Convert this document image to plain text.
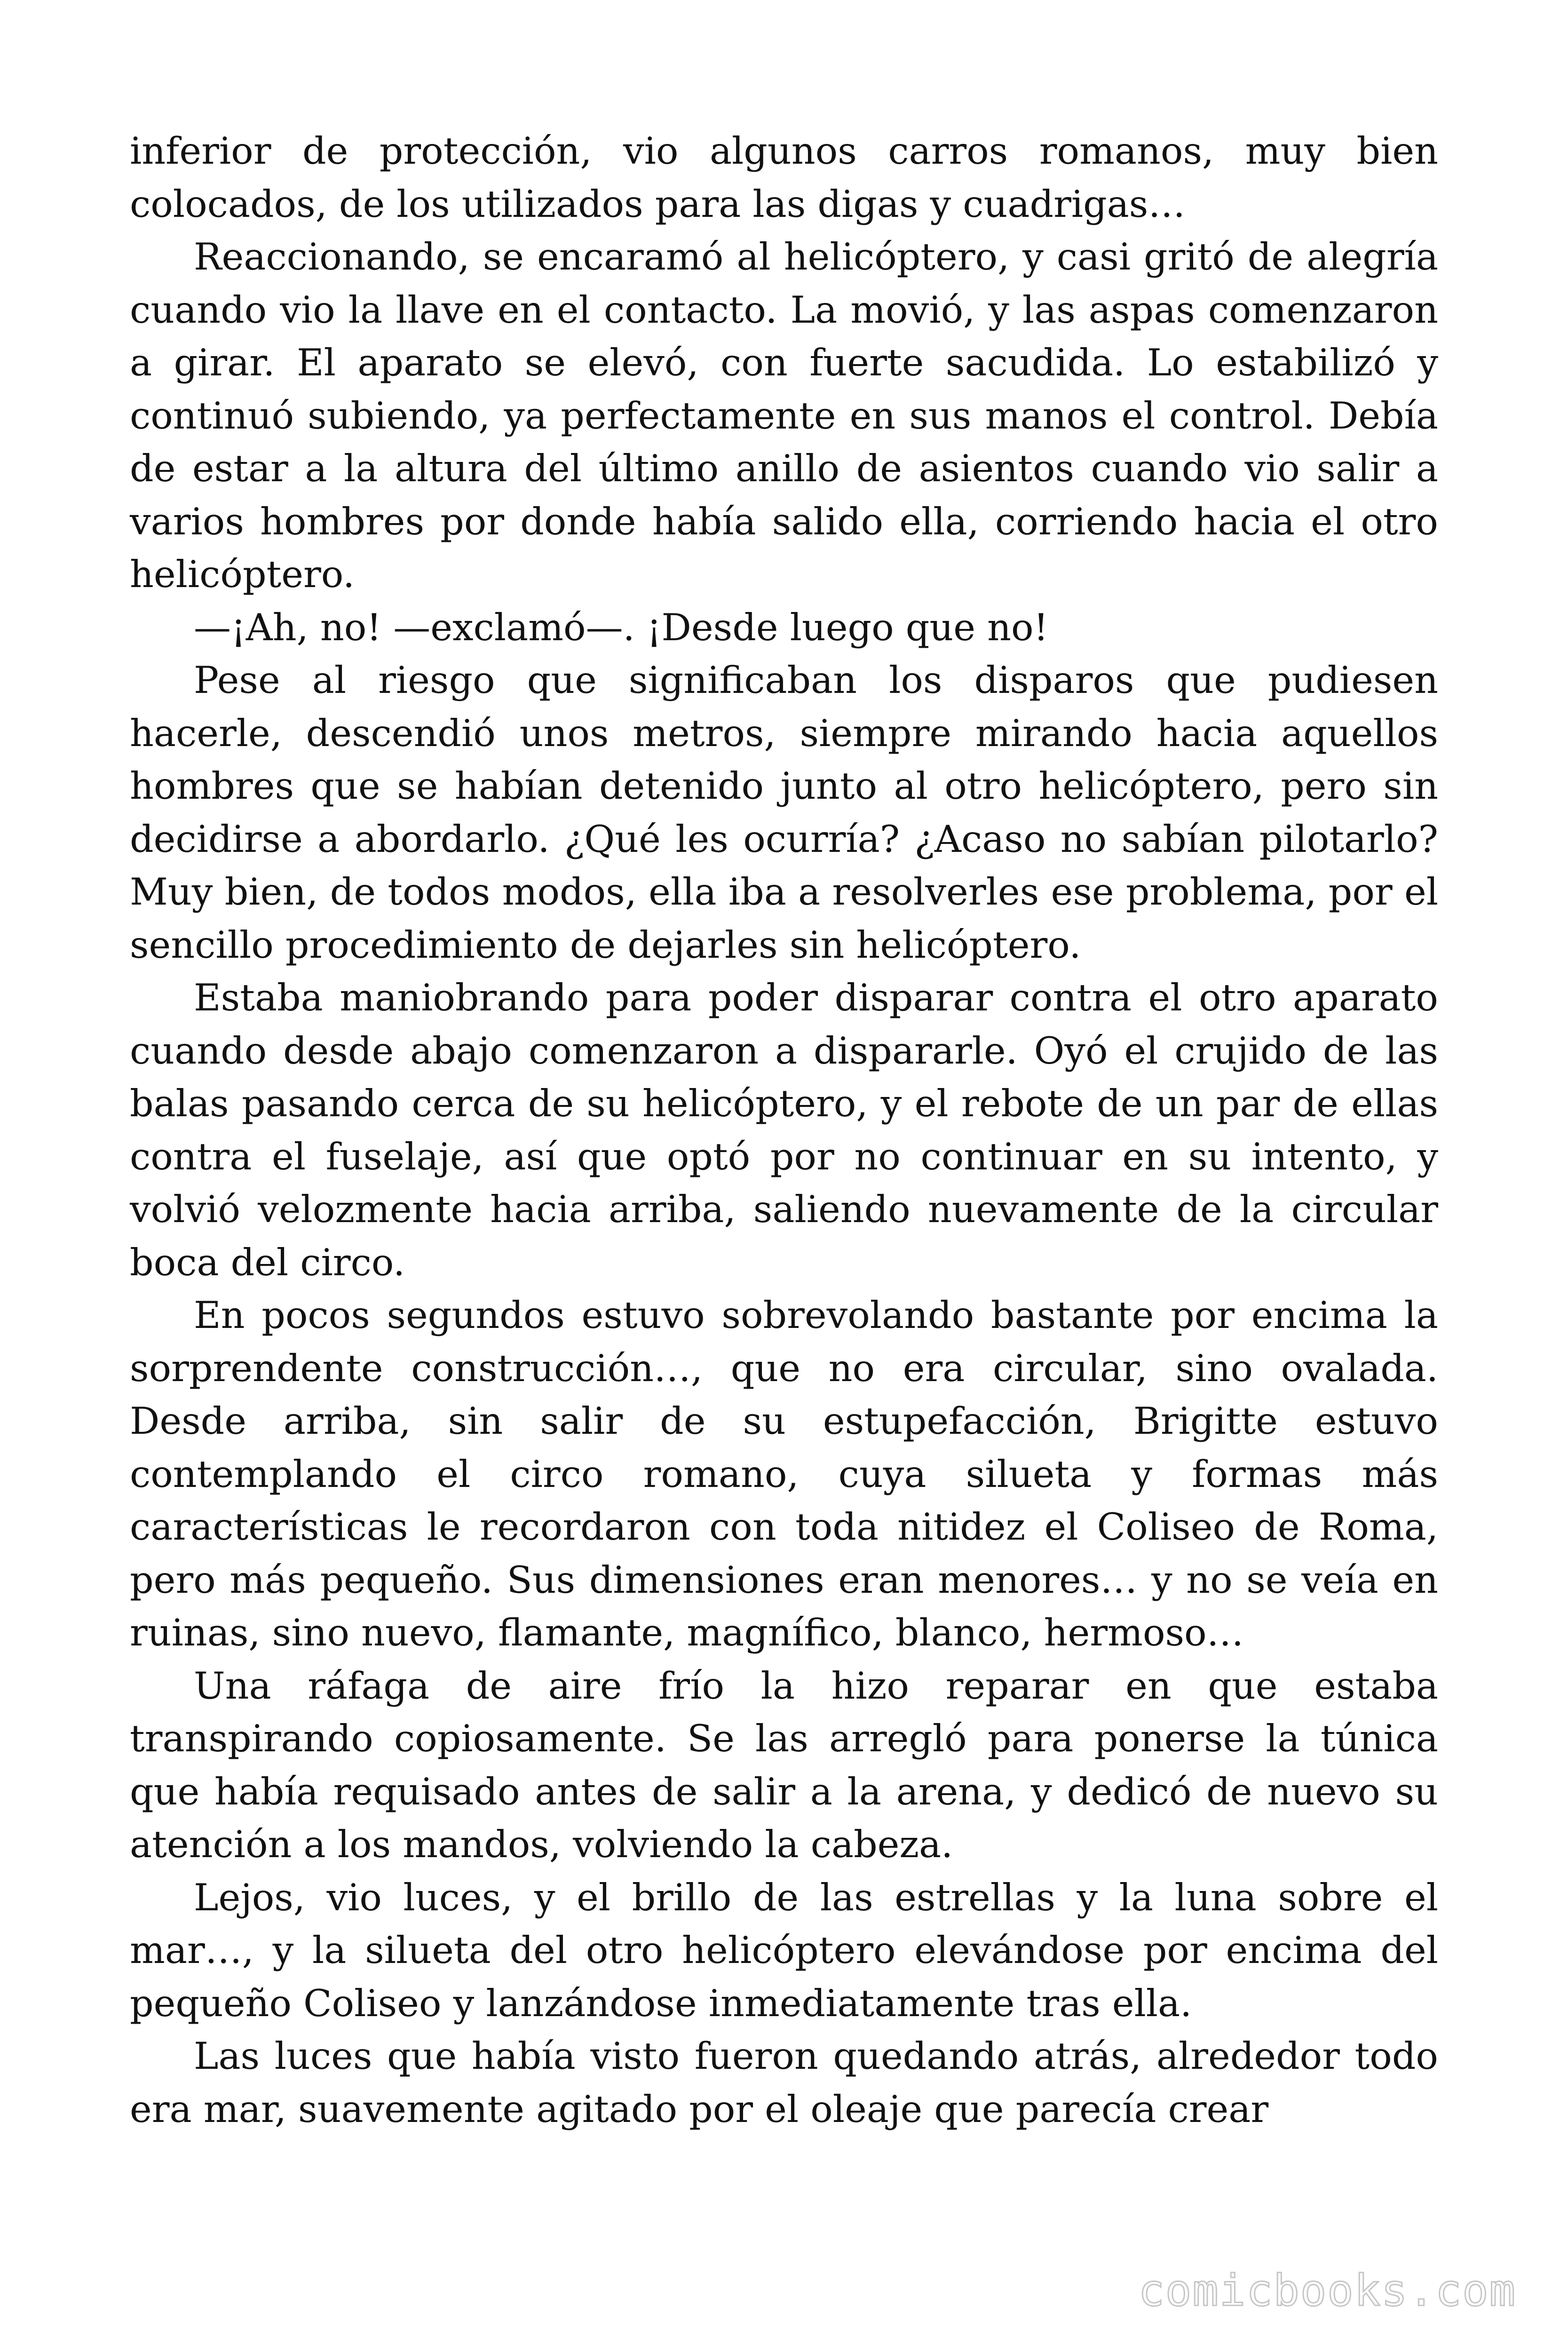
inferior de protección, vio algunos carros romanos, muy bien colocados, de los utilizados para las digas y cuadrigas…

Reaccionando, se encaramó al helicóptero, y casi gritó de alegría cuando vio la llave en el contacto. La movió, y las aspas comenzaron a girar. El aparato se elevó, con fuerte sacudida. Lo estabilizó y continuó subiendo, ya perfectamente en sus manos el control. Debía de estar a la altura del último anillo de asientos cuando vio salir a varios hombres por donde había salido ella, corriendo hacia el otro helicóptero.

—¡Ah, no! —exclamó—. ¡Desde luego que no!

Pese al riesgo que significaban los disparos que pudiesen hacerle, descendió unos metros, siempre mirando hacia aquellos hombres que se habían detenido junto al otro helicóptero, pero sin decidirse a abordarlo. ¿Qué les ocurría? ¿Acaso no sabían pilotarlo? Muy bien, de todos modos, ella iba a resolverles ese problema, por el sencillo procedimiento de dejarles sin helicóptero.

Estaba maniobrando para poder disparar contra el otro aparato cuando desde abajo comenzaron a dispararle. Oyó el crujido de las balas pasando cerca de su helicóptero, y el rebote de un par de ellas contra el fuselaje, así que optó por no continuar en su intento, y volvió velozmente hacia arriba, saliendo nuevamente de la circular boca del circo.

En pocos segundos estuvo sobrevolando bastante por encima la sorprendente construcción…, que no era circular, sino ovalada. Desde arriba, sin salir de su estupefacción, Brigitte estuvo contemplando el circo romano, cuya silueta y formas más características le recordaron con toda nitidez el Coliseo de Roma, pero más pequeño. Sus dimensiones eran menores… y no se veía en ruinas, sino nuevo, flamante, magnífico, blanco, hermoso…

Una ráfaga de aire frío la hizo reparar en que estaba transpirando copiosamente. Se las arregló para ponerse la túnica que había requisado antes de salir a la arena, y dedicó de nuevo su atención a los mandos, volviendo la cabeza.

Lejos, vio luces, y el brillo de las estrellas y la luna sobre el mar…, y la silueta del otro helicóptero elevándose por encima del pequeño Coliseo y lanzándose inmediatamente tras ella.

Las luces que había visto fueron quedando atrás, alrededor todo era mar, suavemente agitado por el oleaje que parecía crear

comicbooks.com
